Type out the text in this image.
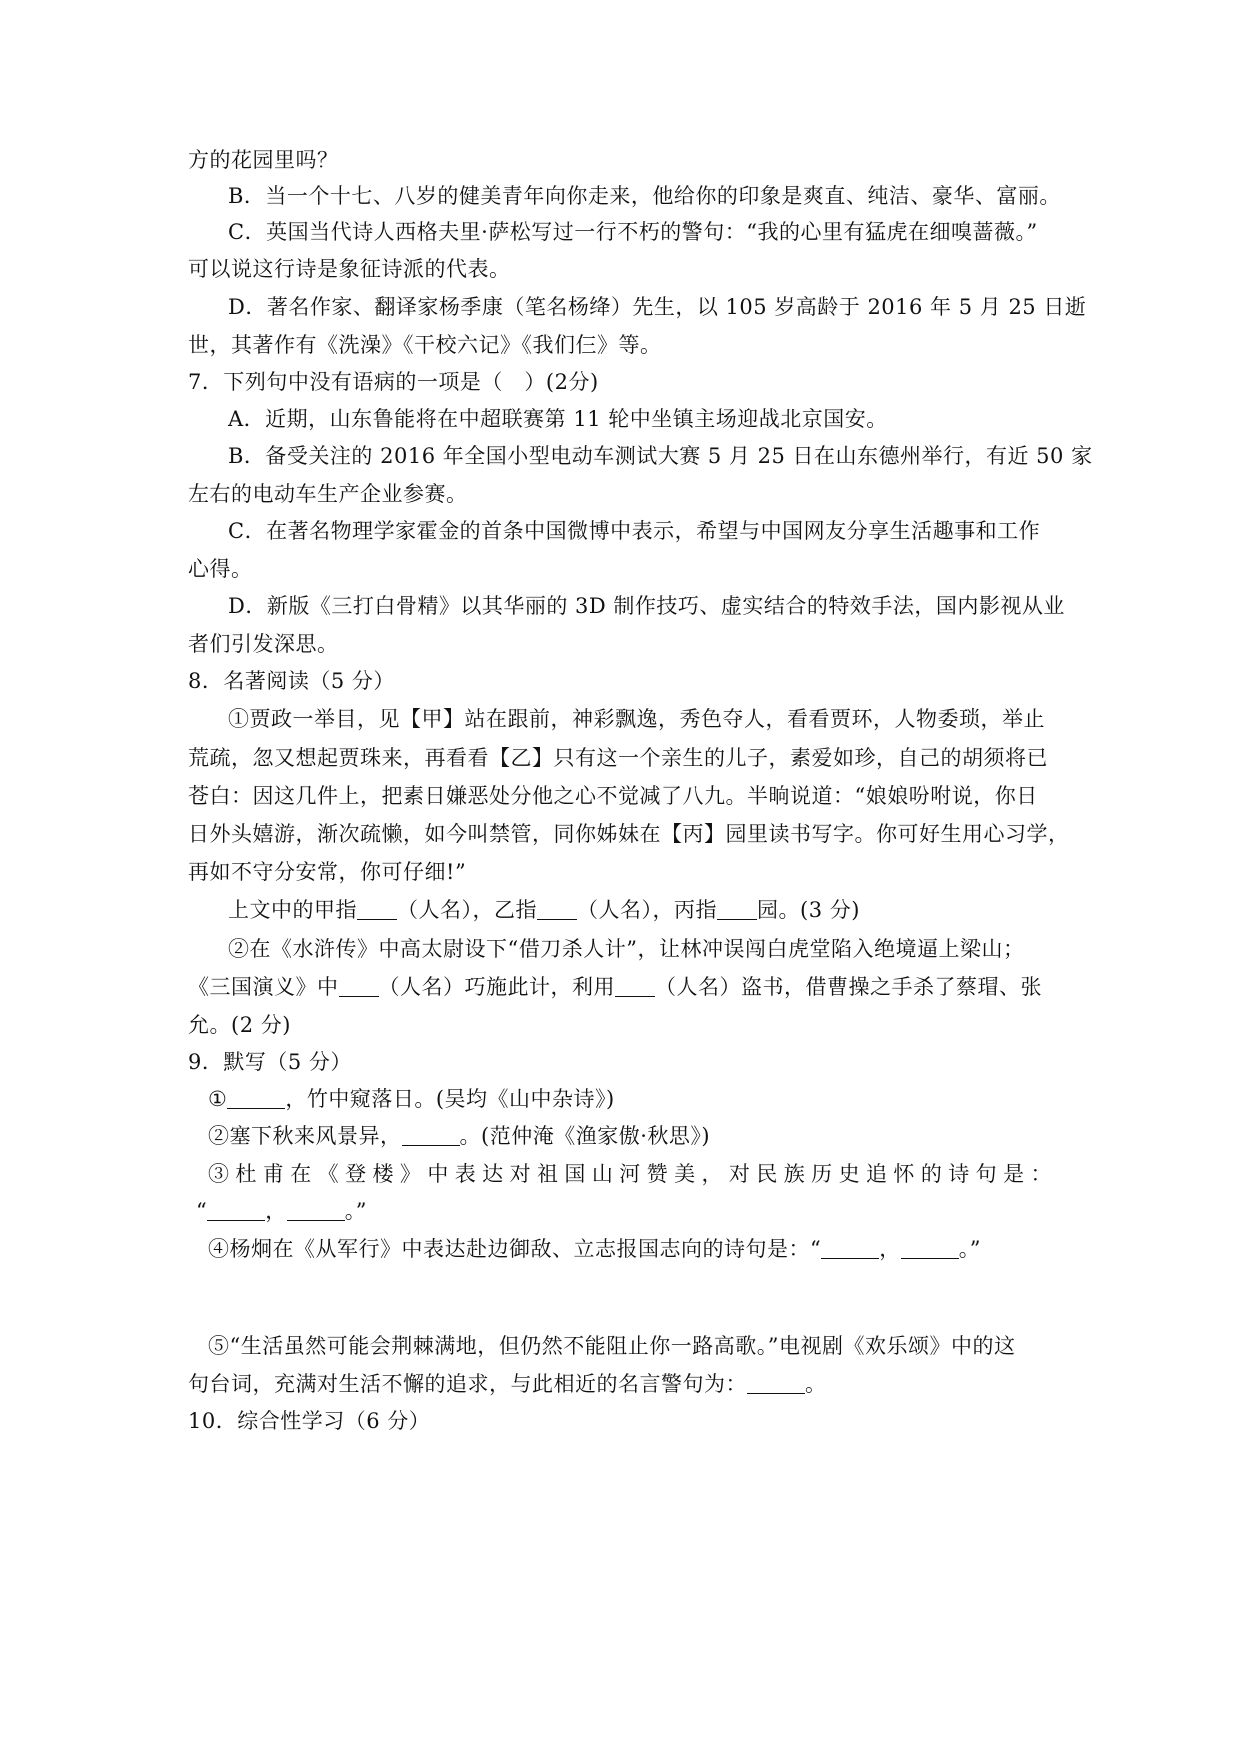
方的花园里吗？
B．当一个十七、八岁的健美青年向你走来，他给你的印象是爽直、纯洁、豪华、富丽。
C．英国当代诗人西格夫里·萨松写过一行不朽的警句：“我的心里有猛虎在细嗅蔷薇。”
可以说这行诗是象征诗派的代表。
D．著名作家、翻译家杨季康（笔名杨绛）先生，以 105 岁高龄于 2016 年 5 月 25 日逝
世，其著作有《洗澡》《干校六记》《我们仨》等。
7．下列句中没有语病的一项是（   ）(2分)
A．近期，山东鲁能将在中超联赛第 11 轮中坐镇主场迎战北京国安。
B．备受关注的 2016 年全国小型电动车测试大赛 5 月 25 日在山东德州举行，有近 50 家
左右的电动车生产企业参赛。
C．在著名物理学家霍金的首条中国微博中表示，希望与中国网友分享生活趣事和工作
心得。
D．新版《三打白骨精》以其华丽的 3D 制作技巧、虚实结合的特效手法，国内影视从业
者们引发深思。
8．名著阅读（5 分）
①贾政一举目，见【甲】站在跟前，神彩飘逸，秀色夺人，看看贾环，人物委琐，举止
荒疏，忽又想起贾珠来，再看看【乙】只有这一个亲生的儿子，素爱如珍，自己的胡须将已
苍白：因这几件上，把素日嫌恶处分他之心不觉减了八九。半晌说道：“娘娘吩咐说，你日
日外头嬉游，渐次疏懒，如今叫禁管，同你姊妹在【丙】园里读书写字。你可好生用心习学，
再如不守分安常，你可仔细!”
上文中的甲指 （人名），乙指 （人名），丙指 园。(3 分)
②在《水浒传》中高太尉设下“借刀杀人计”，让林冲误闯白虎堂陷入绝境逼上梁山；
《三国演义》中 （人名）巧施此计，利用 （人名）盗书，借曹操之手杀了蔡瑁、张
允。(2 分)
9．默写（5 分）
①	，竹中窥落日。(吴均《山中杂诗》)
②塞下秋来风景异，	。(范仲淹《渔家傲·秋思》)
③杜甫在《登楼》中表达对祖国山河赞美，对民族历史追怀的诗句是：
“	，	。”
④杨炯在《从军行》中表达赴边御敌、立志报国志向的诗句是：“	，	。”
⑤“生活虽然可能会荆棘满地，但仍然不能阻止你一路高歌。”电视剧《欢乐颂》中的这
句台词，充满对生活不懈的追求，与此相近的名言警句为：	。
10．综合性学习（6 分）
